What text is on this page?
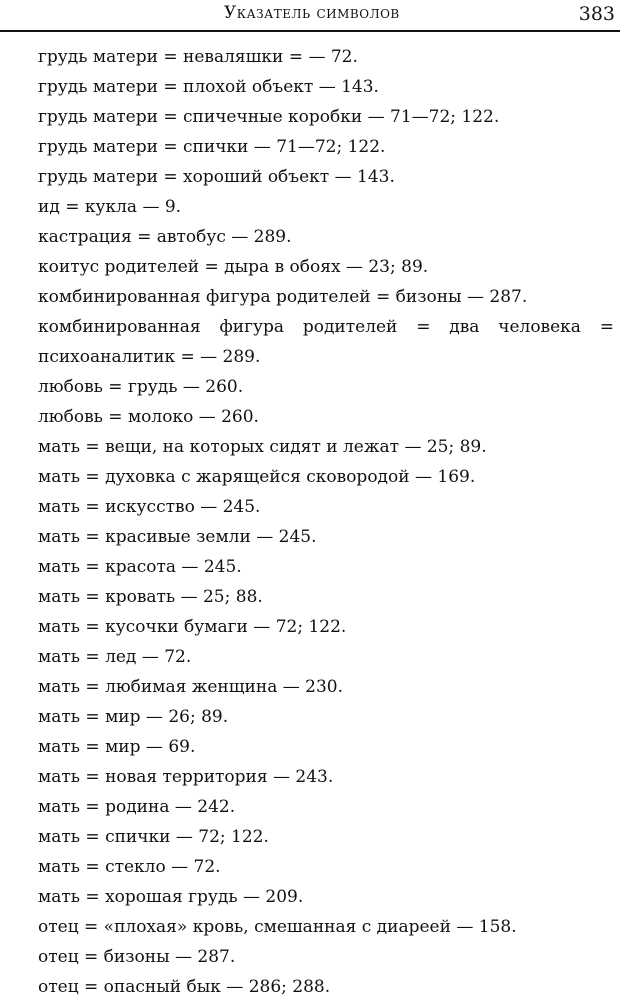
Указатель символов	383
грудь матери = неваляшки = — 72.
грудь матери = плохой объект — 143.
грудь матери = спичечные коробки — 71—72; 122.
грудь матери = спички — 71—72; 122.
грудь матери = хороший объект — 143.
ид = кукла — 9.
кастрация = автобус — 289.
коитус родителей = дыра в обоях — 23; 89.
комбинированная фигура родителей = бизоны — 287.
комбинированная фигура родителей = два человека = психоаналитик = — 289.
любовь = грудь — 260.
любовь = молоко — 260.
мать = вещи, на которых сидят и лежат — 25; 89.
мать = духовка с жарящейся сковородой — 169.
мать = искусство — 245.
мать = красивые земли — 245.
мать = красота — 245.
мать = кровать — 25; 88.
мать = кусочки бумаги — 72; 122.
мать = лед — 72.
мать = любимая женщина — 230.
мать = мир — 26; 89.
мать = мир — 69.
мать = новая территория — 243.
мать = родина — 242.
мать = спички — 72; 122.
мать = стекло — 72.
мать = хорошая грудь — 209.
отец = «плохая» кровь, смешанная с диареей — 158.
отец = бизоны — 287.
отец = опасный бык — 286; 288.
